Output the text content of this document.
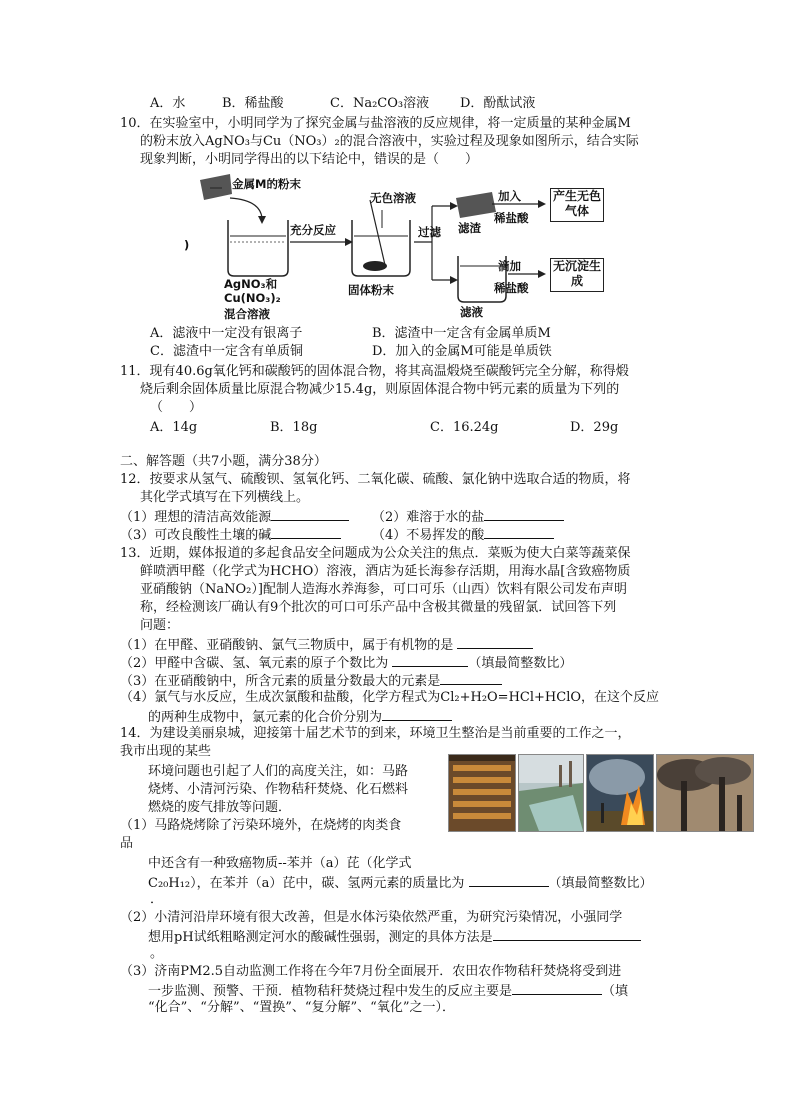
A．水	B．稀盐酸	C．Na₂CO₃溶液 D．酚酞试液
10．在实验室中，小明同学为了探究金属与盐溶液的反应规律，将一定质量的某种金属M
的粉末放入AgNO₃与Cu（NO₃）₂的混合溶液中，实验过程及现象如图所示，结合实际
现象判断，小明同学得出的以下结论中，错误的是（　　）
金属M的粉末
充分反应
无色溶液
过滤
加入
稀盐酸
产生无色气体
滤渣
滴加
稀盐酸
无沉淀生成
滤液
AgNO₃和
Cu(NO₃)₂
混合溶液
固体粉末
)
A．滤液中一定没有银离子	B．滤渣中一定含有金属单质M
C．滤渣中一定含有单质铜	D．加入的金属M可能是单质铁
11．现有40.6g氧化钙和碳酸钙的固体混合物，将其高温煅烧至碳酸钙完全分解，称得煅
烧后剩余固体质量比原混合物减少15.4g，则原固体混合物中钙元素的质量为下列的
（　　）
A．14g	B．18g	C．16.24g	D．29g
二、解答题（共7小题，满分38分）
12．按要求从氢气、硫酸钡、氢氧化钙、二氧化碳、硫酸、氯化钠中选取合适的物质，将
其化学式填写在下列横线上。
（1）理想的清洁高效能源	（2）难溶于水的盐
（3）可改良酸性土壤的碱	（4）不易挥发的酸
13．近期，媒体报道的多起食品安全问题成为公众关注的焦点．菜贩为使大白菜等蔬菜保
鲜喷洒甲醛（化学式为HCHO）溶液，酒店为延长海参存活期，用海水晶[含致癌物质
亚硝酸钠（NaNO₂）]配制人造海水养海参，可口可乐（山西）饮料有限公司发布声明
称，经检测该厂确认有9个批次的可口可乐产品中含极其微量的残留氯．试回答下列
问题：
（1）在甲醛、亚硝酸钠、氯气三物质中，属于有机物的是
（2）甲醛中含碳、氢、氧元素的原子个数比为	（填最简整数比）
（3）在亚硝酸钠中，所含元素的质量分数最大的元素是
（4）氯气与水反应，生成次氯酸和盐酸，化学方程式为Cl₂+H₂O=HCl+HClO，在这个反应
的两种生成物中，氯元素的化合价分别为
14．为建设美丽泉城，迎接第十届艺术节的到来，环境卫生整治是当前重要的工作之一，
我市出现的某些
环境问题也引起了人们的高度关注，如：马路
烧烤、小清河污染、作物秸秆焚烧、化石燃料
燃烧的废气排放等问题．
（1）马路烧烤除了污染环境外，在烧烤的肉类食
品
中还含有一种致癌物质--苯并（a）芘（化学式
C₂₀H₁₂），在苯并（a）芘中，碳、氢两元素的质量比为	（填最简整数比）
．
（2）小清河沿岸环境有很大改善，但是水体污染依然严重，为研究污染情况，小强同学
想用pH试纸粗略测定河水的酸碱性强弱，测定的具体方法是
。
（3）济南PM2.5自动监测工作将在今年7月份全面展开．农田农作物秸秆焚烧将受到进
一步监测、预警、干预．植物秸秆焚烧过程中发生的反应主要是	（填
“化合”、“分解”、“置换”、“复分解”、“氧化”之一）．
